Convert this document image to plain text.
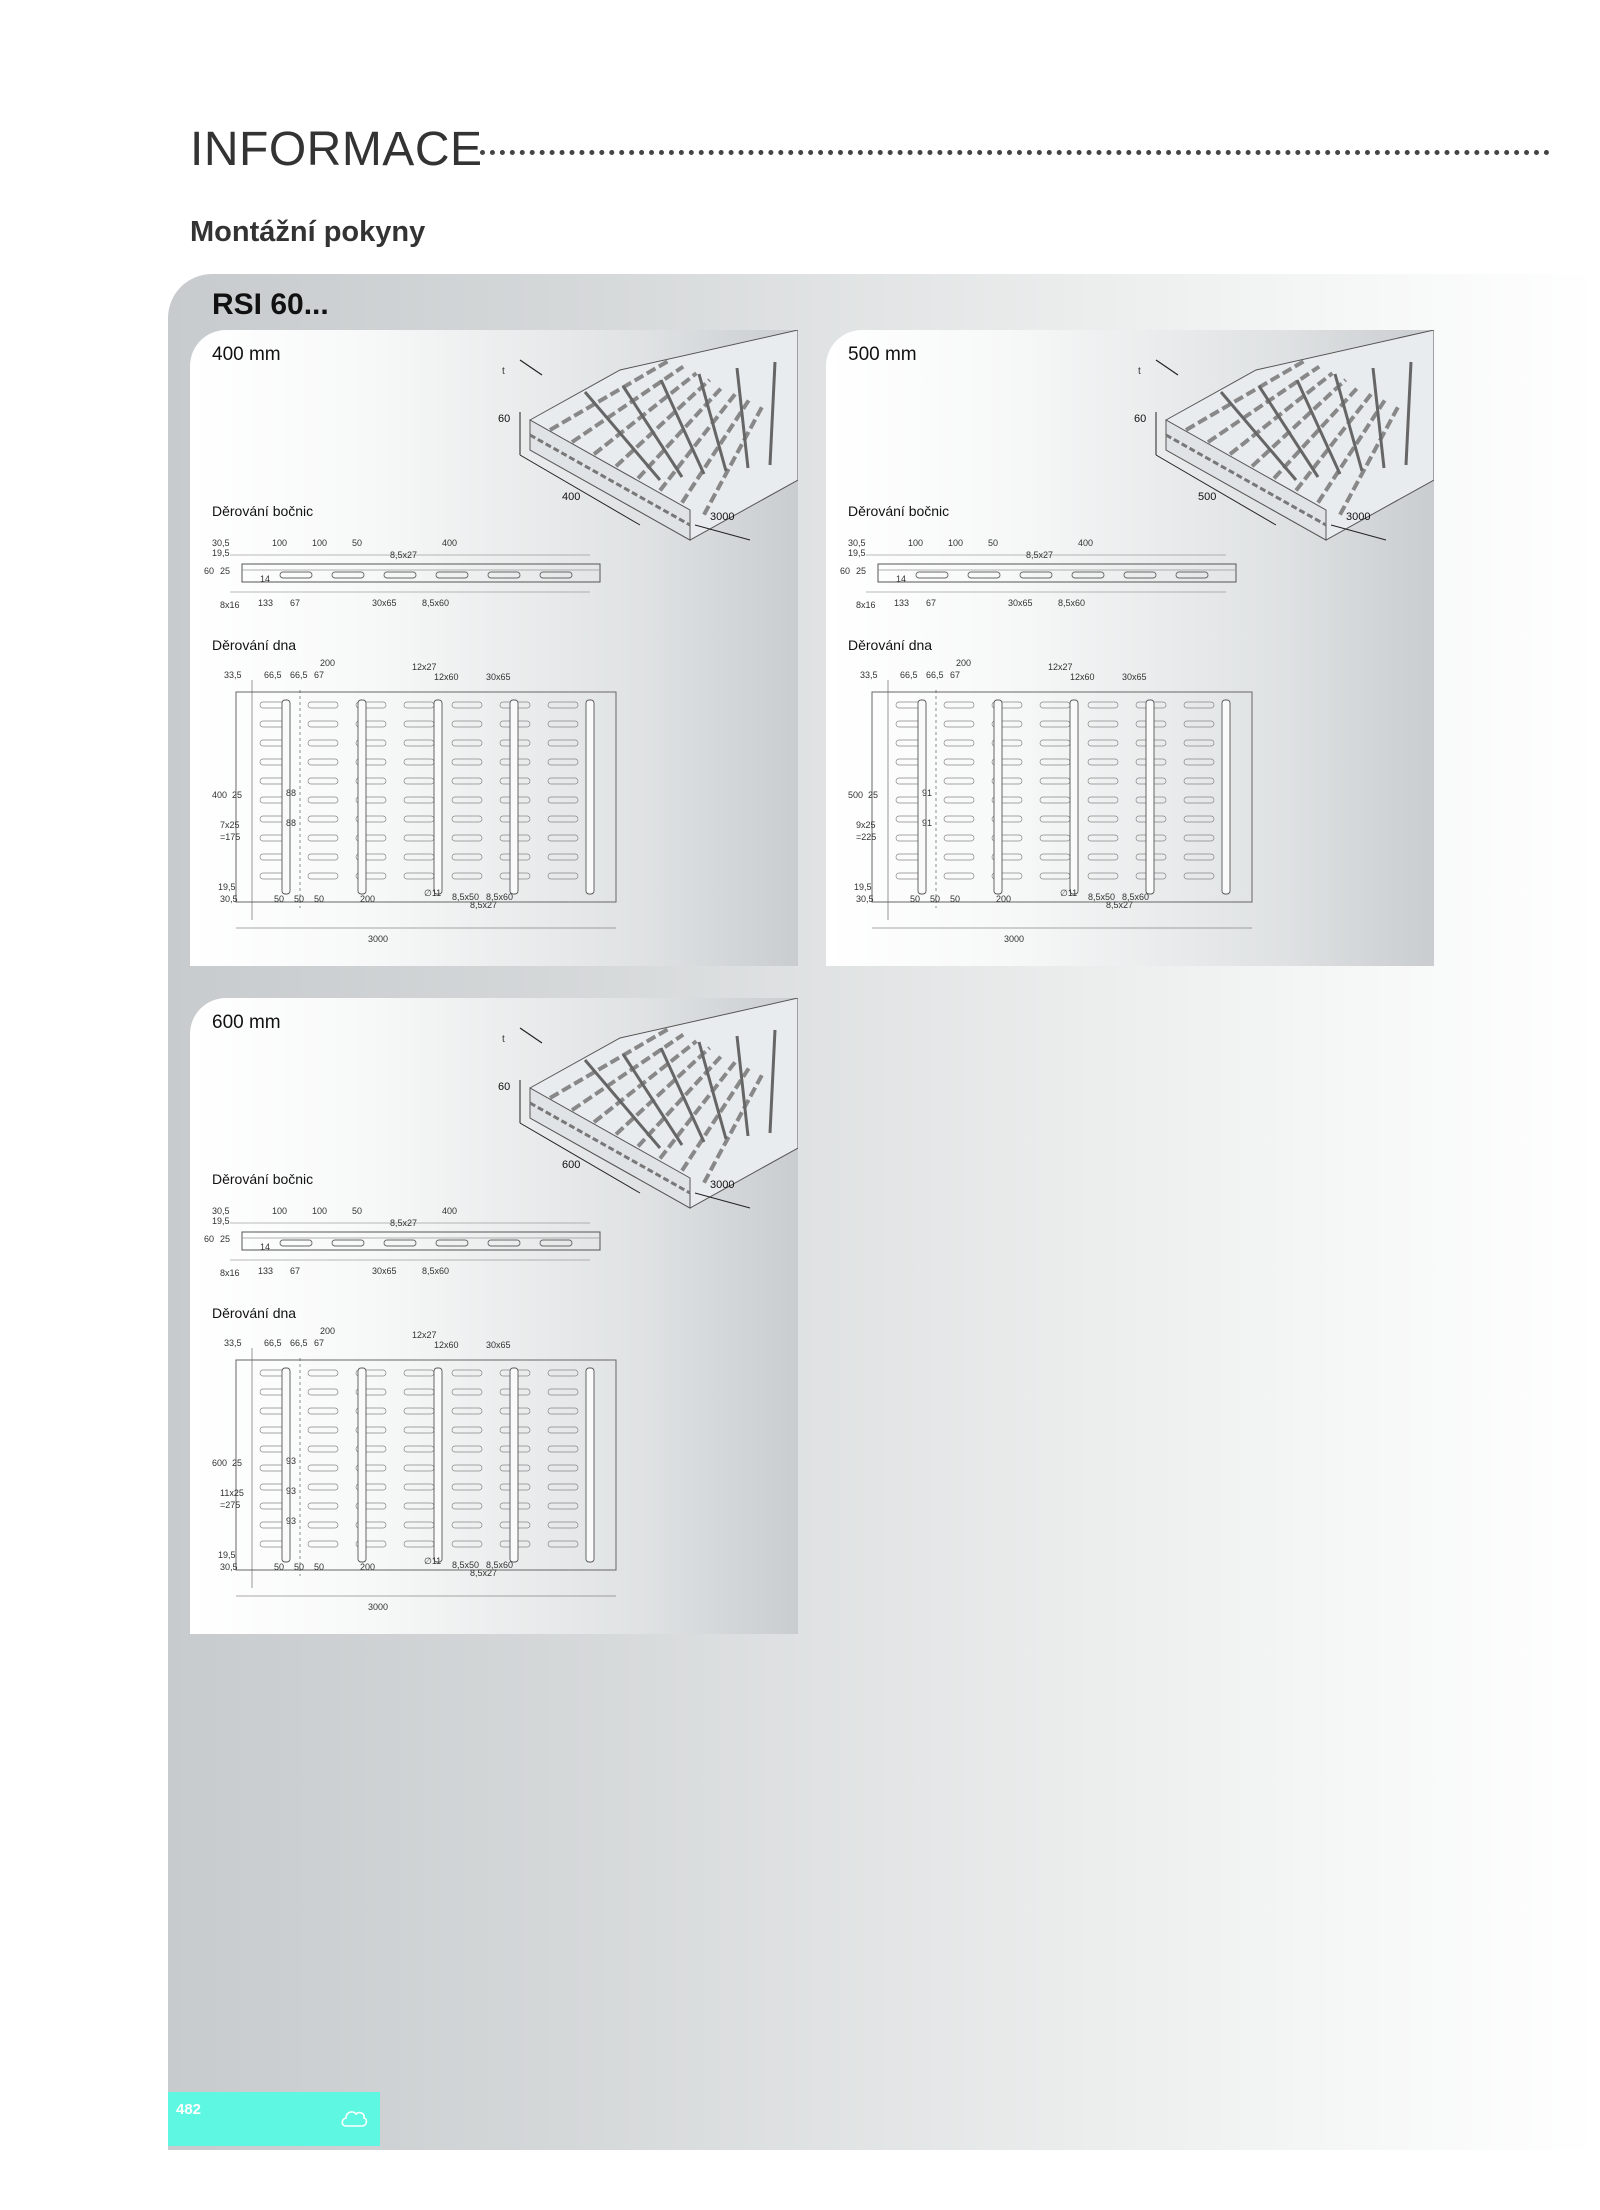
INFORMACE
Montážní pokyny
RSI 60...
400 mm
t
60
400
3000
Děrování bočnic
30,5	100	100	50	400
19,5
60 25
8x16
14
8,5x27
133 67	30x65	8,5x60
Děrování dna
33,5 66,5 66,5 67
200	12x27
12x60	30x65
400 25
7x25
=175
19,5
30,5
88
88
50 50 50	200
∅11 8,5x50 8,5x60
8,5x27
3000
500 mm
t
60
500
3000
Děrování bočnic
30,5	100	100	50	400
19,5
60 25
8x16
14
8,5x27
133 67	30x65	8,5x60
Děrování dna
33,5 66,5 66,5 67
200	12x27
12x60	30x65
500 25
9x25
=225
19,5
30,5
91
91
50 50 50	200
∅11 8,5x50 8,5x60
8,5x27
3000
600 mm
t
60
600
3000
Děrování bočnic
30,5	100	100	50	400
19,5
60 25
8x16
14
8,5x27
133 67	30x65	8,5x60
Děrování dna
33,5 66,5 66,5 67
200	12x27
12x60	30x65
600 25
11x25
=275
19,5
30,5
93
93
93
50 50 50	200
∅11 8,5x50 8,5x60
8,5x27
3000
482
